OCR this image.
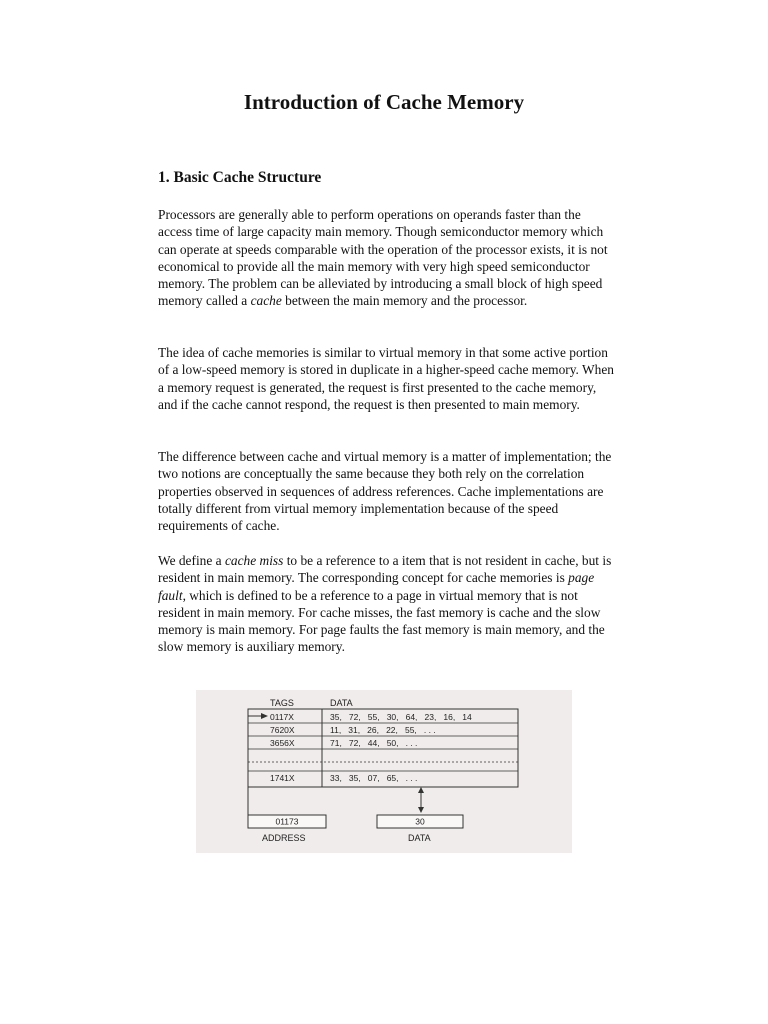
Introduction of Cache Memory
1. Basic Cache Structure

Processors are generally able to perform operations on operands faster than the access time of large capacity main memory. Though semiconductor memory which can operate at speeds comparable with the operation of the processor exists, it is not economical to provide all the main memory with very high speed semiconductor memory. The problem can be alleviated by introducing a small block of high speed memory called a cache between the main memory and the processor.

The idea of cache memories is similar to virtual memory in that some active portion of a low-speed memory is stored in duplicate in a higher-speed cache memory. When a memory request is generated, the request is first presented to the cache memory, and if the cache cannot respond, the request is then presented to main memory.

The difference between cache and virtual memory is a matter of implementation; the two notions are conceptually the same because they both rely on the correlation properties observed in sequences of address references. Cache implementations are totally different from virtual memory implementation because of the speed requirements of cache.

We define a cache miss to be a reference to a item that is not resident in cache, but is resident in main memory. The corresponding concept for cache memories is page fault, which is defined to be a reference to a page in virtual memory that is not resident in main memory. For cache misses, the fast memory is cache and the slow memory is main memory. For page faults the fast memory is main memory, and the slow memory is auxiliary memory.

TAGS	DATA
0117X	35,   72,   55,   30,   64,   23,   16,   14
7620X	11,   31,   26,   22,   55,   . . .
3656X	71,   72,   44,   50,   . . .
1741X	33,   35,   07,   65,   . . .
01173
ADDRESS
30
DATA
